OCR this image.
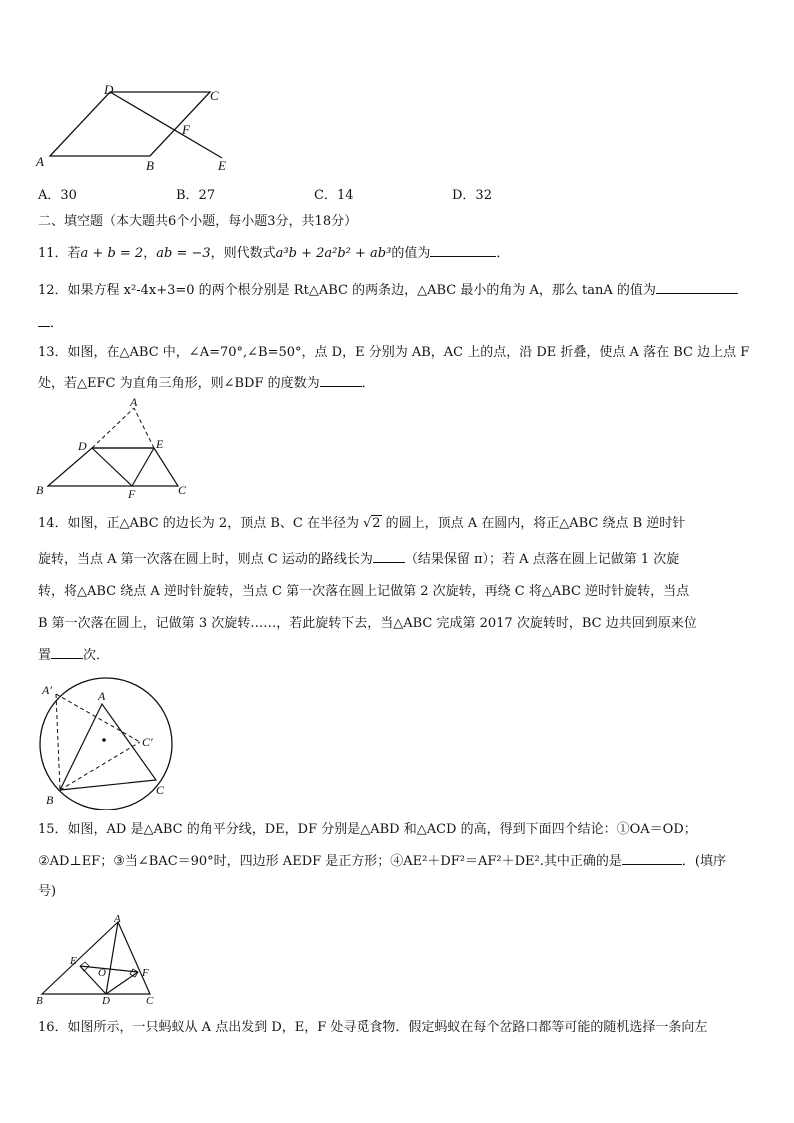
D	C
F
A	B	E
A．30	B．27	C．14	D．32
二、填空题（本大题共6个小题，每小题3分，共18分）
11．若a + b = 2，ab = −3，则代数式a³b + 2a²b² + ab³的值为	．
12．如果方程 x²-4x+3=0 的两个根分别是 Rt△ABC 的两条边，△ABC 最小的角为 A，那么 tanA 的值为
．
13．如图，在△ABC 中，∠A=70°,∠B=50°，点 D，E 分别为 AB，AC 上的点，沿 DE 折叠，使点 A 落在 BC 边上点 F
处，若△EFC 为直角三角形，则∠BDF 的度数为	．
A
D	E
B	F	C
14．如图，正△ABC 的边长为 2，顶点 B、C 在半径为 √2 的圆上，顶点 A 在圆内，将正△ABC 绕点 B 逆时针
旋转，当点 A 第一次落在圆上时，则点 C 运动的路线长为 （结果保留 π）；若 A 点落在圆上记做第 1 次旋
转，将△ABC 绕点 A 逆时针旋转，当点 C 第一次落在圆上记做第 2 次旋转，再绕 C 将△ABC 逆时针旋转，当点
B 第一次落在圆上，记做第 3 次旋转……，若此旋转下去，当△ABC 完成第 2017 次旋转时，BC 边共回到原来位
置 次．
A′	A
C′
B
C
15．如图，AD 是△ABC 的角平分线，DE，DF 分别是△ABD 和△ACD 的高，得到下面四个结论：①OA＝OD；
②AD⊥EF；③当∠BAC＝90°时，四边形 AEDF 是正方形；④AE²＋DF²＝AF²＋DE².其中正确的是	．(填序
号)
A
E
O	F
B	D	C
16．如图所示，一只蚂蚁从 A 点出发到 D，E，F 处寻觅食物．假定蚂蚁在每个岔路口都等可能的随机选择一条向左
